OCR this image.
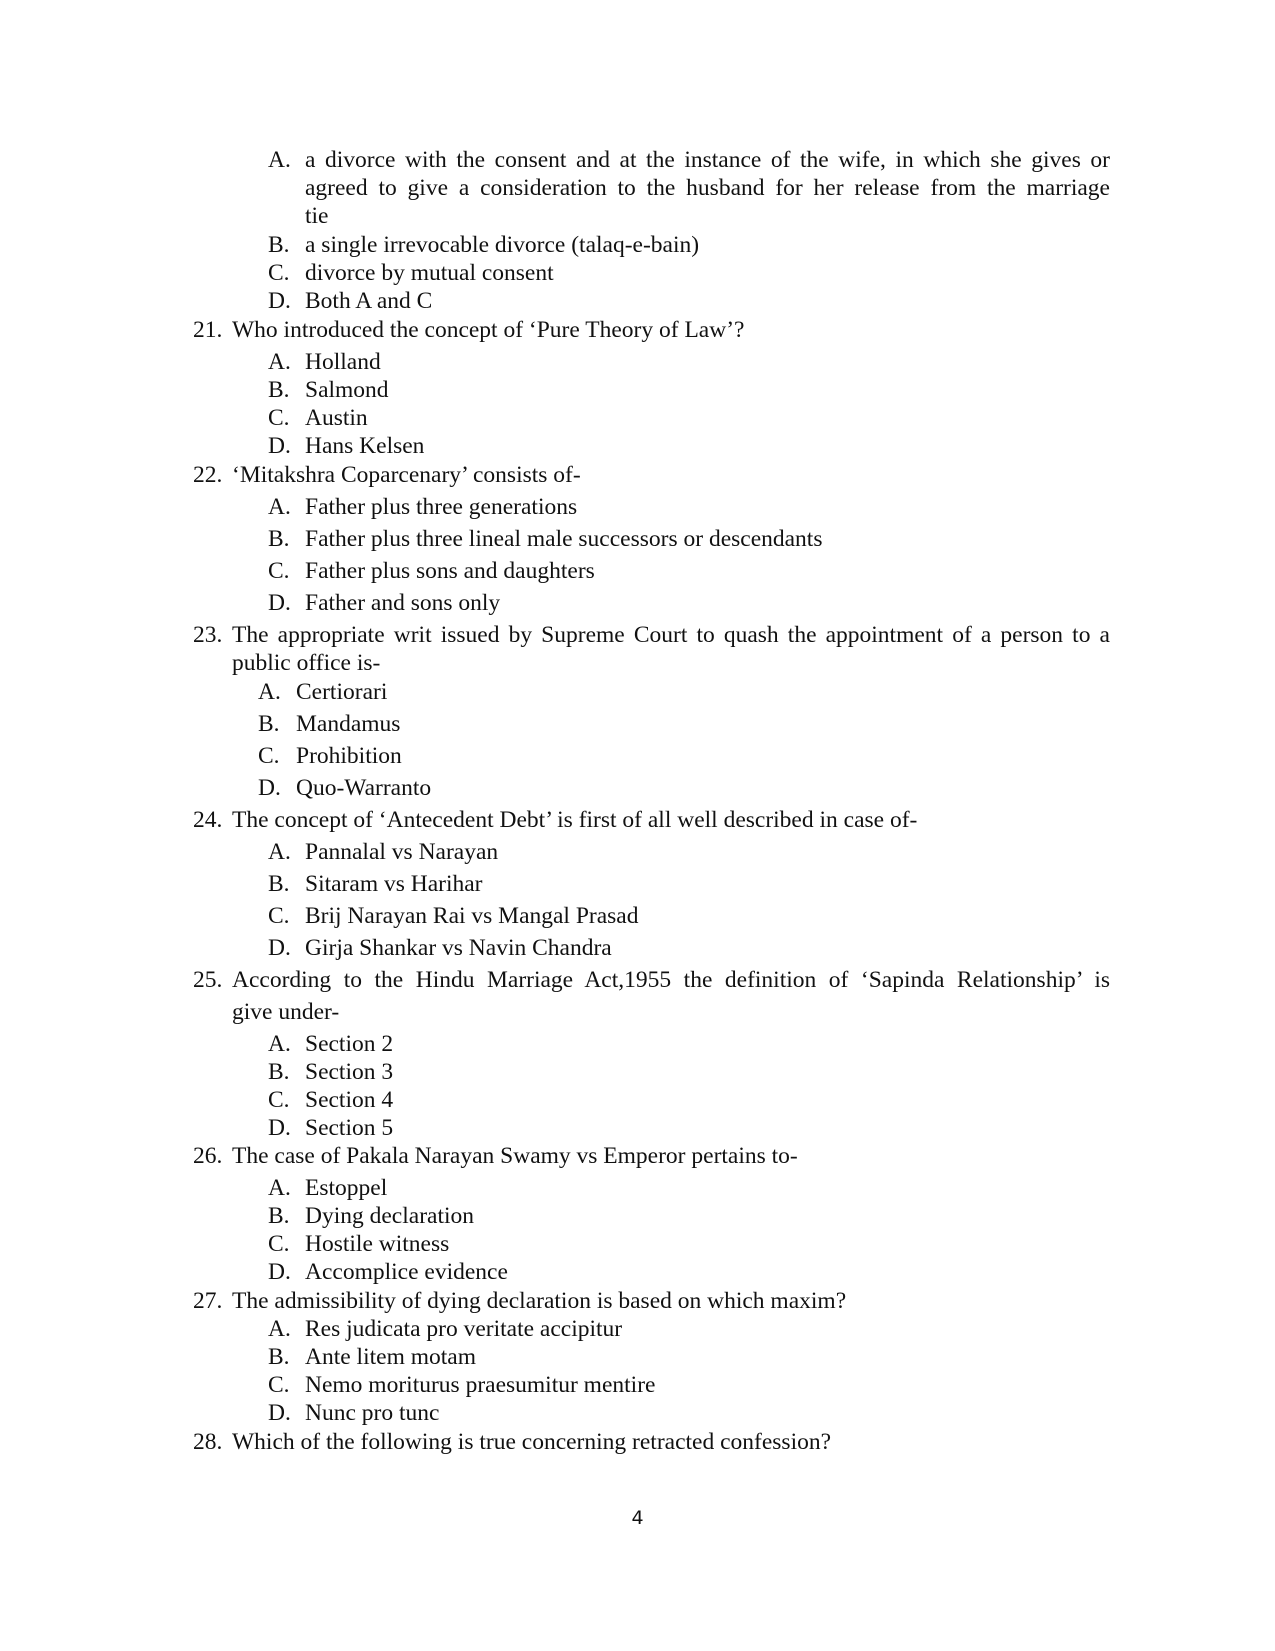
A. a divorce with the consent and at the instance of the wife, in which she gives or
agreed to give a consideration to the husband for her release from the marriage
tie
B. a single irrevocable divorce (talaq-e-bain)
C. divorce by mutual consent
D. Both A and C
21. Who introduced the concept of ‘Pure Theory of Law’?
A. Holland
B. Salmond
C. Austin
D. Hans Kelsen
22. ‘Mitakshra Coparcenary’ consists of-
A. Father plus three generations
B. Father plus three lineal male successors or descendants
C. Father plus sons and daughters
D. Father and sons only
23. The appropriate writ issued by Supreme Court to quash the appointment of a person to a
public office is-
A. Certiorari
B. Mandamus
C. Prohibition
D. Quo-Warranto
24. The concept of ‘Antecedent Debt’ is first of all well described in case of-
A. Pannalal vs Narayan
B. Sitaram vs Harihar
C. Brij Narayan Rai vs Mangal Prasad
D. Girja Shankar vs Navin Chandra
25. According to the Hindu Marriage Act,1955 the definition of ‘Sapinda Relationship’ is
give under-
A. Section 2
B. Section 3
C. Section 4
D. Section 5
26. The case of Pakala Narayan Swamy vs Emperor pertains to-
A. Estoppel
B. Dying declaration
C. Hostile witness
D. Accomplice evidence
27. The admissibility of dying declaration is based on which maxim?
A. Res judicata pro veritate accipitur
B. Ante litem motam
C. Nemo moriturus praesumitur mentire
D. Nunc pro tunc
28. Which of the following is true concerning retracted confession?
4
